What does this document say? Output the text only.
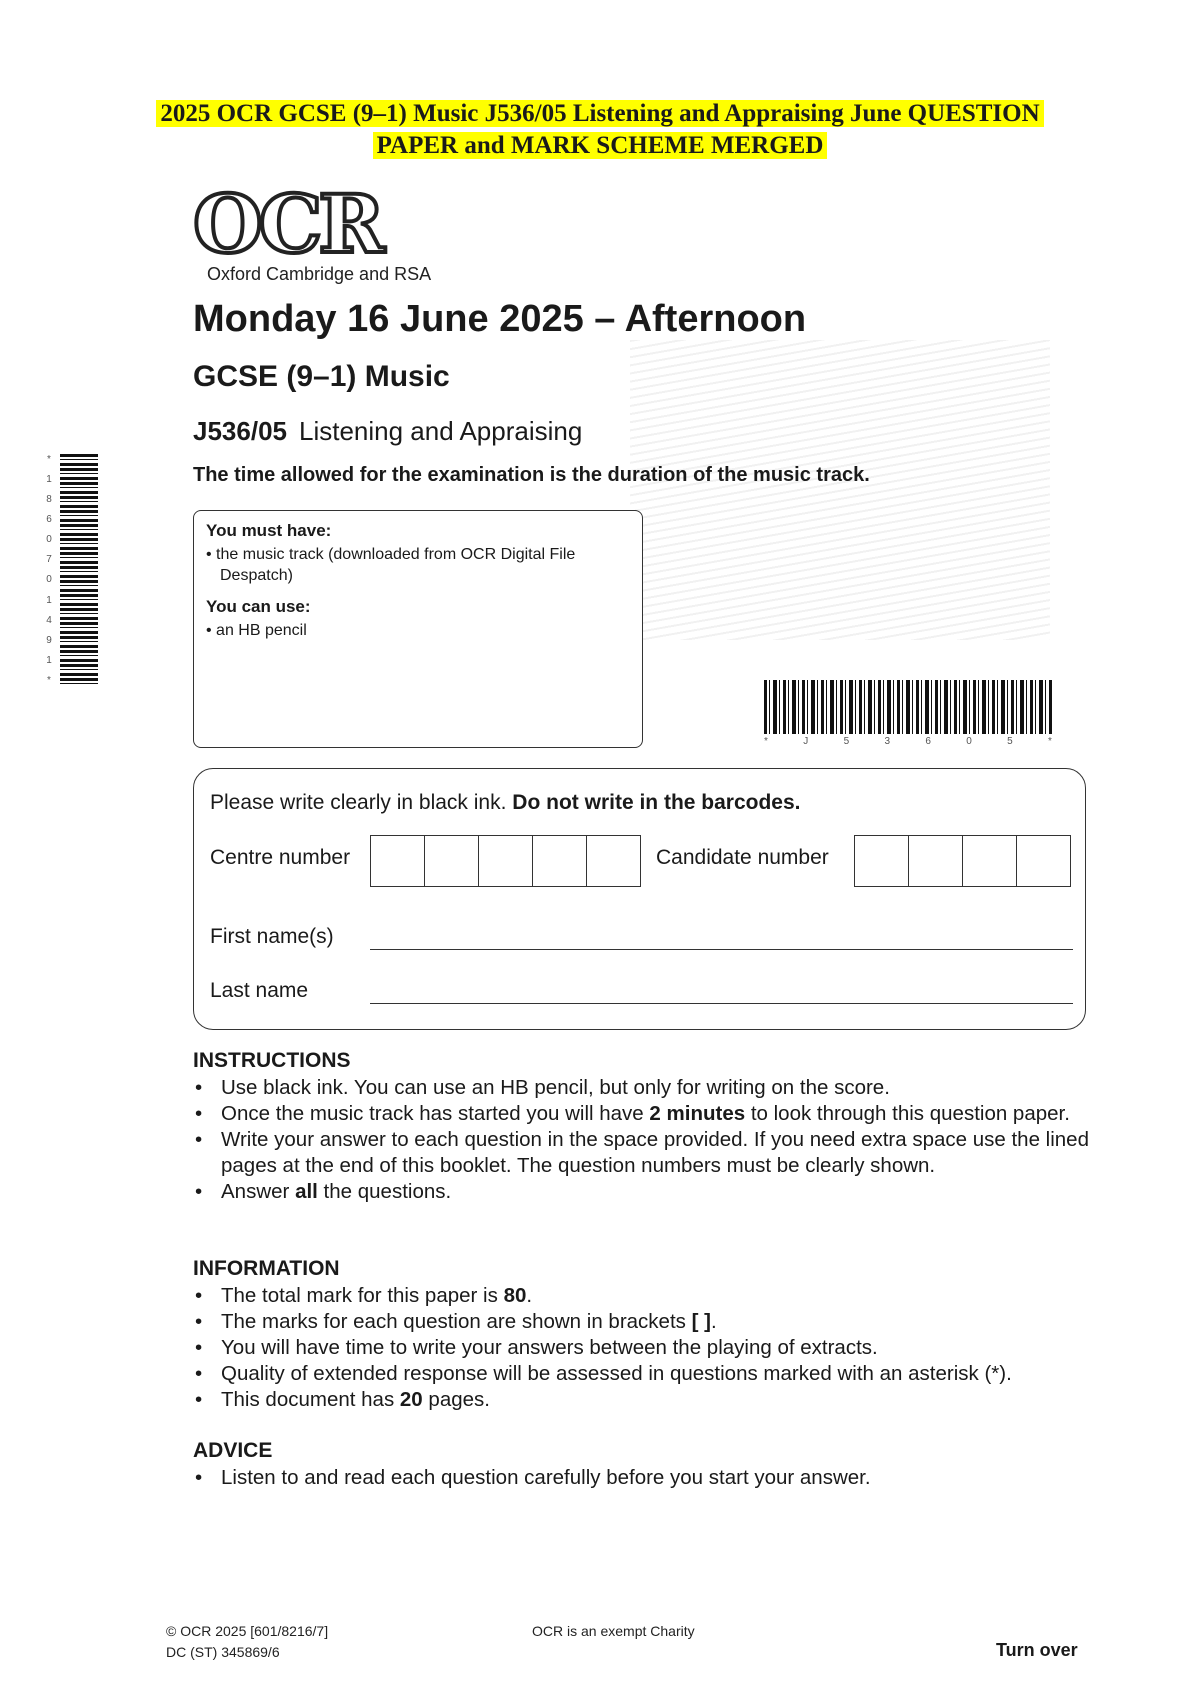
2025 OCR GCSE (9–1) Music J536/05 Listening and Appraising June QUESTION
PAPER and MARK SCHEME MERGED
OCR
Oxford Cambridge and RSA
Monday 16 June 2025 – Afternoon
GCSE (9–1) Music
J536/05 Listening and Appraising
The time allowed for the examination is the duration of the music track.
You must have:
• the music track (downloaded from OCR Digital File Despatch)
You can use:
• an HB pencil
*	J	5	3	6	0	5	*
*
1
8
6
0
7
0
1
4
9
1
*
Please write clearly in black ink. Do not write in the barcodes.
Centre number	Candidate number
First name(s)
Last name
INSTRUCTIONS
• Use black ink. You can use an HB pencil, but only for writing on the score.
• Once the music track has started you will have 2 minutes to look through this question paper.
• Write your answer to each question in the space provided. If you need extra space use the lined pages at the end of this booklet. The question numbers must be clearly shown.
• Answer all the questions.
INFORMATION
• The total mark for this paper is 80.
• The marks for each question are shown in brackets [ ].
• You will have time to write your answers between the playing of extracts.
• Quality of extended response will be assessed in questions marked with an asterisk (*).
• This document has 20 pages.
ADVICE
• Listen to and read each question carefully before you start your answer.
© OCR 2025 [601/8216/7]
DC (ST) 345869/6
OCR is an exempt Charity
Turn over
